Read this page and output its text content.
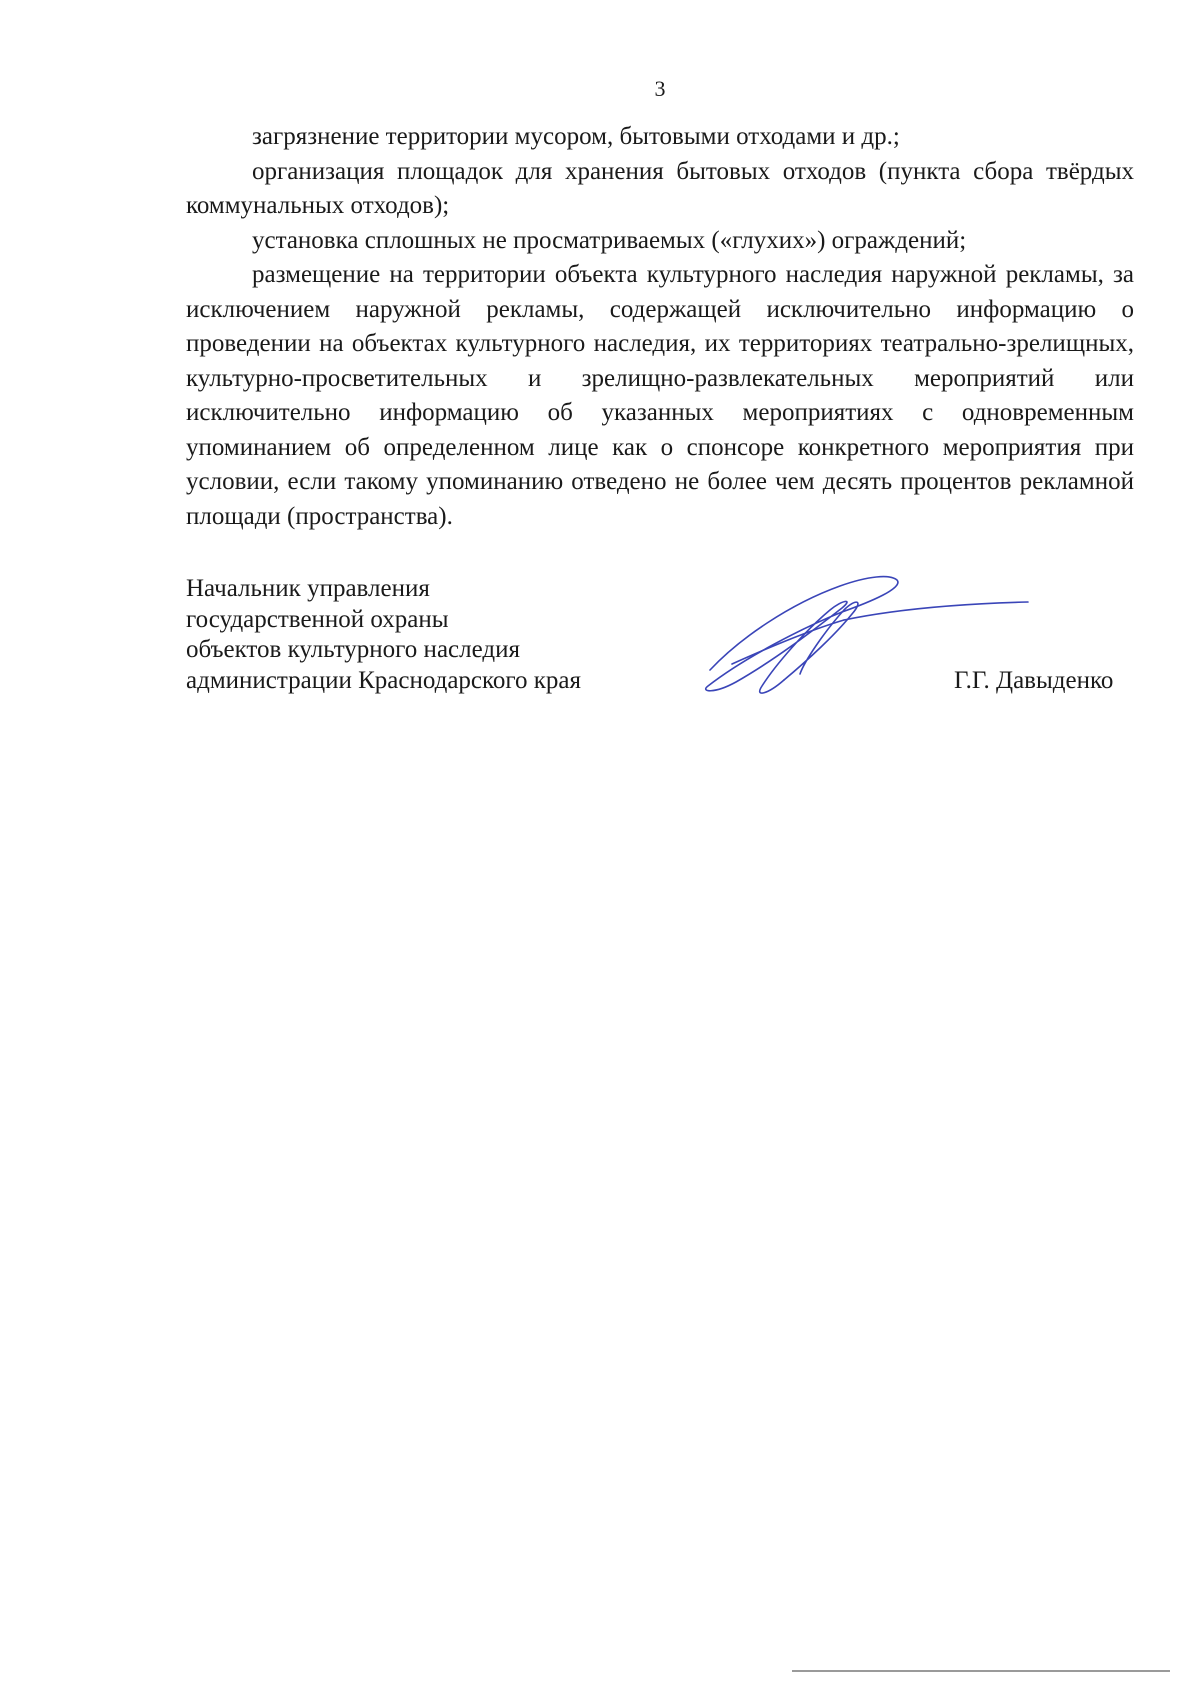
3

загрязнение территории мусором, бытовыми отходами и др.;

организация площадок для хранения бытовых отходов (пункта сбора твёрдых коммунальных отходов);

установка сплошных не просматриваемых («глухих») ограждений;

размещение на территории объекта культурного наследия наружной рекламы, за исключением наружной рекламы, содержащей исключительно информацию о проведении на объектах культурного наследия, их территориях театрально-зрелищных, культурно-просветительных и зрелищно-развлекательных мероприятий или исключительно информацию об указанных мероприятиях с одновременным упоминанием об определенном лице как о спонсоре конкретного мероприятия при условии, если такому упоминанию отведено не более чем десять процентов рекламной площади (пространства).

Начальник управления
государственной охраны
объектов культурного наследия
администрации Краснодарского края	Г.Г. Давыденко
